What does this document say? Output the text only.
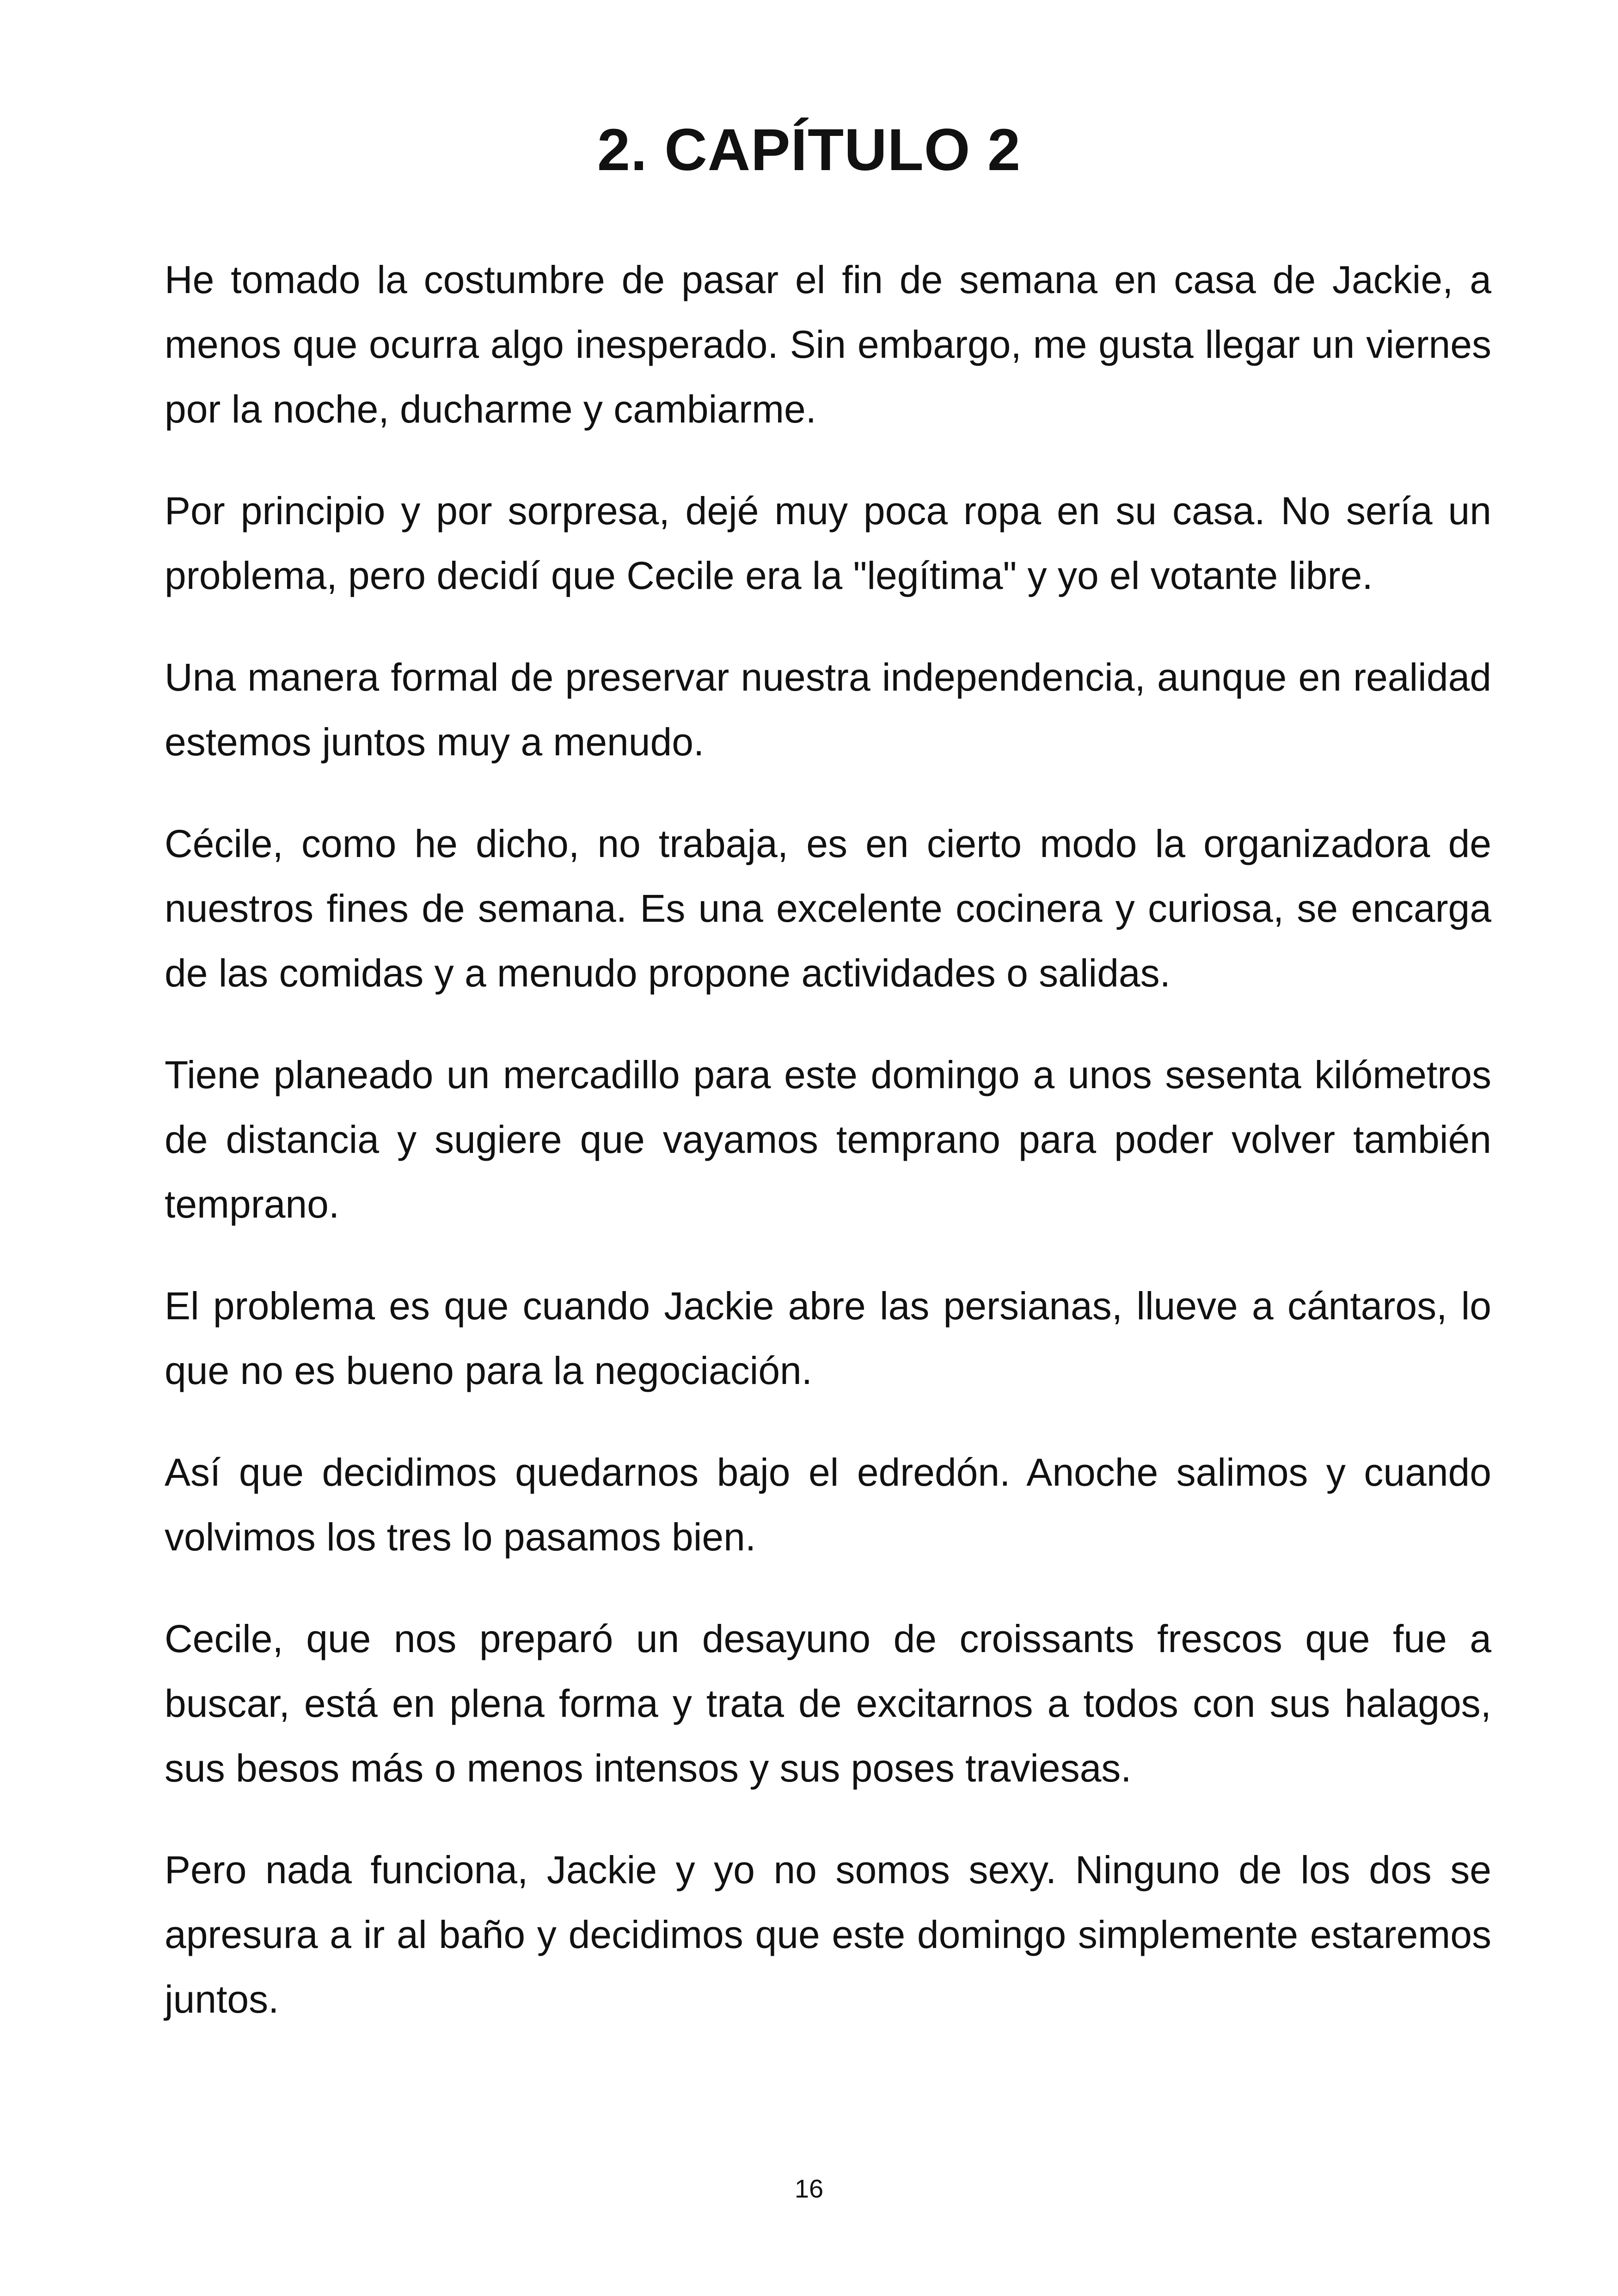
2. CAPÍTULO 2

He tomado la costumbre de pasar el fin de semana en casa de Jackie, a menos que ocurra algo inesperado. Sin embargo, me gusta llegar un viernes por la noche, ducharme y cambiarme.

Por principio y por sorpresa, dejé muy poca ropa en su casa. No sería un problema, pero decidí que Cecile era la "legítima" y yo el votante libre.

Una manera formal de preservar nuestra independencia, aunque en realidad estemos juntos muy a menudo.

Cécile, como he dicho, no trabaja, es en cierto modo la organizadora de nuestros fines de semana. Es una excelente cocinera y curiosa, se encarga de las comidas y a menudo propone actividades o salidas.

Tiene planeado un mercadillo para este domingo a unos sesenta kilómetros de distancia y sugiere que vayamos temprano para poder volver también temprano.

El problema es que cuando Jackie abre las persianas, llueve a cántaros, lo que no es bueno para la negociación.

Así que decidimos quedarnos bajo el edredón. Anoche salimos y cuando volvimos los tres lo pasamos bien.

Cecile, que nos preparó un desayuno de croissants frescos que fue a buscar, está en plena forma y trata de excitarnos a todos con sus halagos, sus besos más o menos intensos y sus poses traviesas.

Pero nada funciona, Jackie y yo no somos sexy. Ninguno de los dos se apresura a ir al baño y decidimos que este domingo simplemente estaremos juntos.

16
